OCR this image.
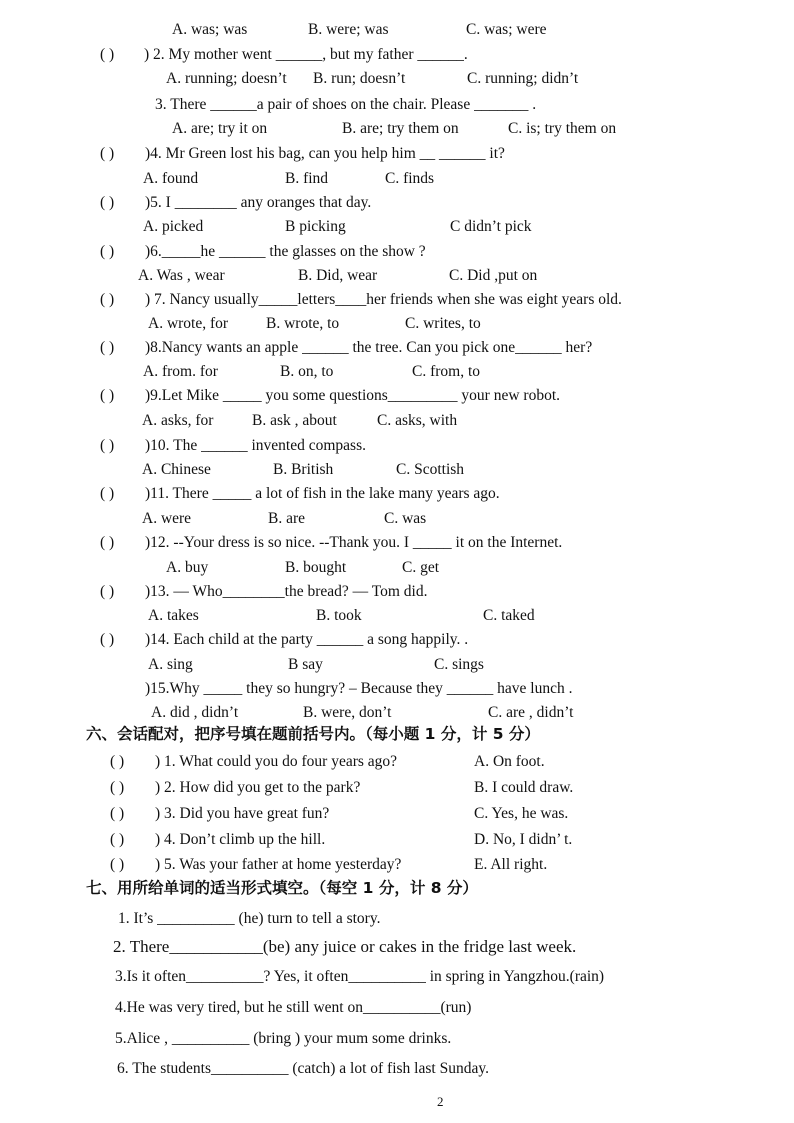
A. was; was	B. were; was	C. was; were
( ) ) 2. My mother went ______, but my father ______.
A. running; doesn’t B. run; doesn’t	C. running; didn’t
3. There ______a pair of shoes on the chair. Please _______ .
A. are; try it on	B. are; try them on	C. is; try them on
( ) )4. Mr Green lost his bag, can you help him __ ______ it?
A. found	B. find	C. finds
( ) )5. I ________ any oranges that day.
A. picked	B picking	C didn’t pick
( ) )6._____he ______ the glasses on the show ?
A. Was , wear	B. Did, wear	C. Did ,put on
( ) ) 7. Nancy usually_____letters____her friends when she was eight years old.
A. wrote, for B. wrote, to	C. writes, to
( ) )8.Nancy wants an apple ______ the tree. Can you pick one______ her?
A. from. for	B. on, to	C. from, to
( ) )9.Let Mike _____ you some questions_________ your new robot.
A. asks, for B. ask , about	C. asks, with
( ) )10. The ______ invented compass.
A. Chinese	B. British	C. Scottish
( ) )11. There _____ a lot of fish in the lake many years ago.
A. were	B. are	C. was
( ) )12. --Your dress is so nice. --Thank you. I _____ it on the Internet.
A. buy	B. bought	C. get
( ) )13. — Who________the bread? — Tom did.
A. takes	B. took	C. taked
( ) )14. Each child at the party ______ a song happily. .
A. sing	B say	C. sings
)15.Why _____ they so hungry? – Because they ______ have lunch .
A. did , didn’t	B. were, don’t	C. are , didn’t
六、会话配对，把序号填在题前括号内。（每小题 1 分，计 5 分）
( ) ) 1. What could you do four years ago?	A. On foot.
( ) ) 2. How did you get to the park?	B. I could draw.
( ) ) 3. Did you have great fun?	C. Yes, he was.
( ) ) 4. Don’t climb up the hill.	D. No, I didn’ t.
( ) ) 5. Was your father at home yesterday?	E. All right.
七、用所给单词的适当形式填空。（每空 1 分，计 8 分）
1. It’s __________ (he) turn to tell a story.
2. There___________(be) any juice or cakes in the fridge last week.
3.Is it often__________? Yes, it often__________ in spring in Yangzhou.(rain)
4.He was very tired, but he still went on__________(run)
5.Alice , __________ (bring ) your mum some drinks.
6. The students__________ (catch) a lot of fish last Sunday.
2
